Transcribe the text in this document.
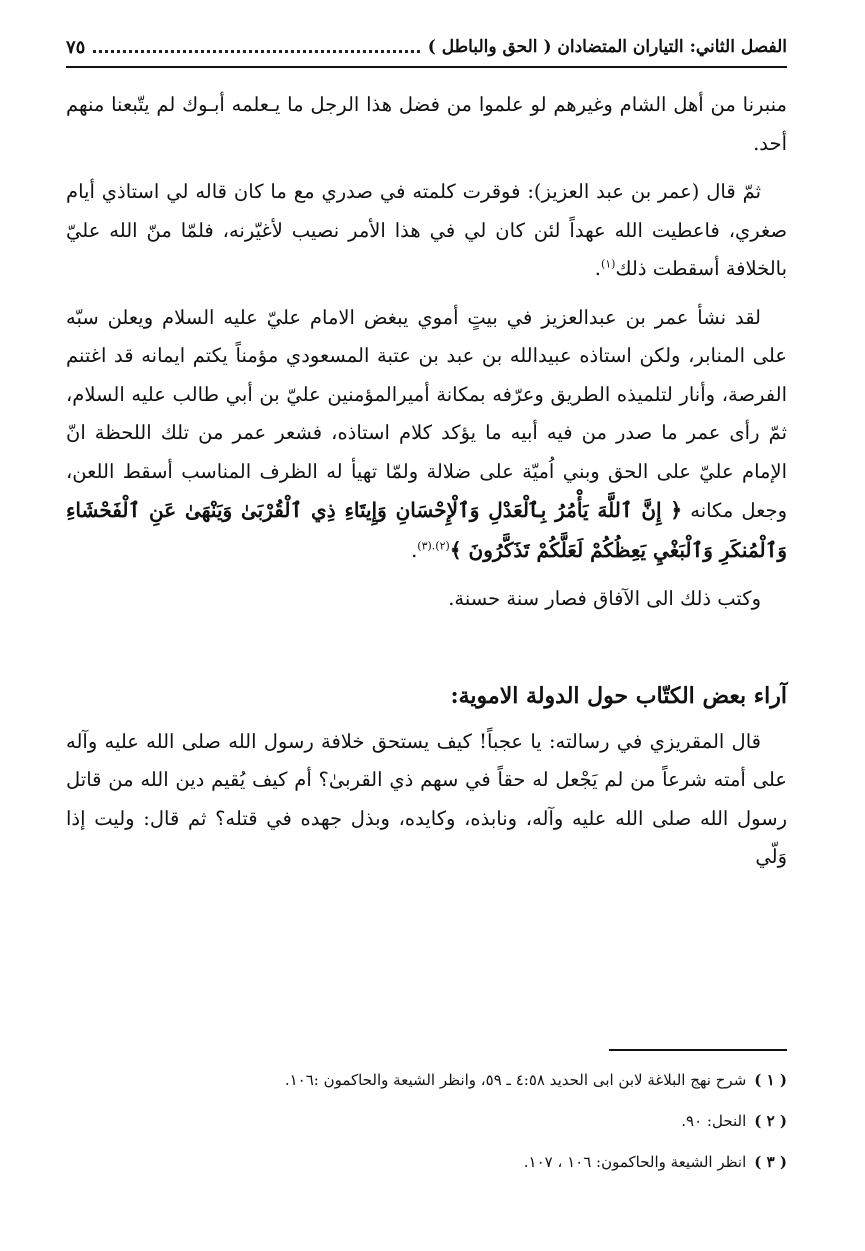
الفصل الثاني: التياران المتضادان ( الحق والباطل )
٧٥

منبرنا من أهل الشام وغيرهم لو علموا من فضل هذا الرجل ما يـعلمه أبـوك لم يتّبعنا منهم أحد.

ثمّ قال (عمر بن عبد العزيز): فوقرت كلمته في صدري مع ما كان قاله لي استاذي أيام صغري، فاعطيت الله عهداً لئن كان لي في هذا الأمر نصيب لأغيّرنه، فلمّا منّ الله عليّ بالخلافة أسقطت ذلك$^{(١)}$.

لقد نشأ عمر بن عبدالعزيز في بيتٍ أموي يبغض الامام عليّ عليه السلام ويعلن سبّه على المنابر، ولكن استاذه عبيدالله بن عبد بن عتبة المسعودي مؤمناً يكتم ايمانه قد اغتنم الفرصة، وأنار لتلميذه الطريق وعرّفه بمكانة أميرالمؤمنين عليّ بن أبي طالب عليه السلام، ثمّ رأى عمر ما صدر من فيه أبيه ما يؤكد كلام استاذه، فشعر عمر من تلك اللحظة انّ الإمام عليّ على الحق وبني اُميّة على ضلالة ولمّا تهيأ له الظرف المناسب أسقط اللعن، وجعل مكانه ﴿ إِنَّ ٱللَّهَ يَأْمُرُ بِٱلْعَدْلِ وَٱلْإِحْسَانِ وَإِيتَاءِ ذِي ٱلْقُرْبَىٰ وَيَنْهَىٰ عَنِ ٱلْفَحْشَاءِ وَٱلْمُنكَرِ وَٱلْبَغْيِ يَعِظُكُمْ لَعَلَّكُمْ تَذَكَّرُونَ ﴾$^{(٢).(٣)}$.

وكتب ذلك الى الآفاق فصار سنة حسنة.

آراء بعض الكتّاب حول الدولة الاموية:

قال المقريزي في رسالته: يا عجباً! كيف يستحق خلافة رسول الله صلى الله عليه وآله على أمته شرعاً من لم يَجْعل له حقاً في سهم ذي القربىٰ؟ أم كيف يُقيم دين الله من قاتل رسول الله صلى الله عليه وآله، ونابذه، وكايده، وبذل جهده في قتله؟ ثم قال: وليت إذا وَلّي

( ١ )
شرح نهج البلاغة لابن ابى الحديد ٤:٥٨ ـ ٥٩، وانظر الشيعة والحاكمون :١٠٦.
( ٢ )
النحل: ٩٠.
( ٣ )
انظر الشيعة والحاكمون: ١٠٦ ، ١٠٧.
